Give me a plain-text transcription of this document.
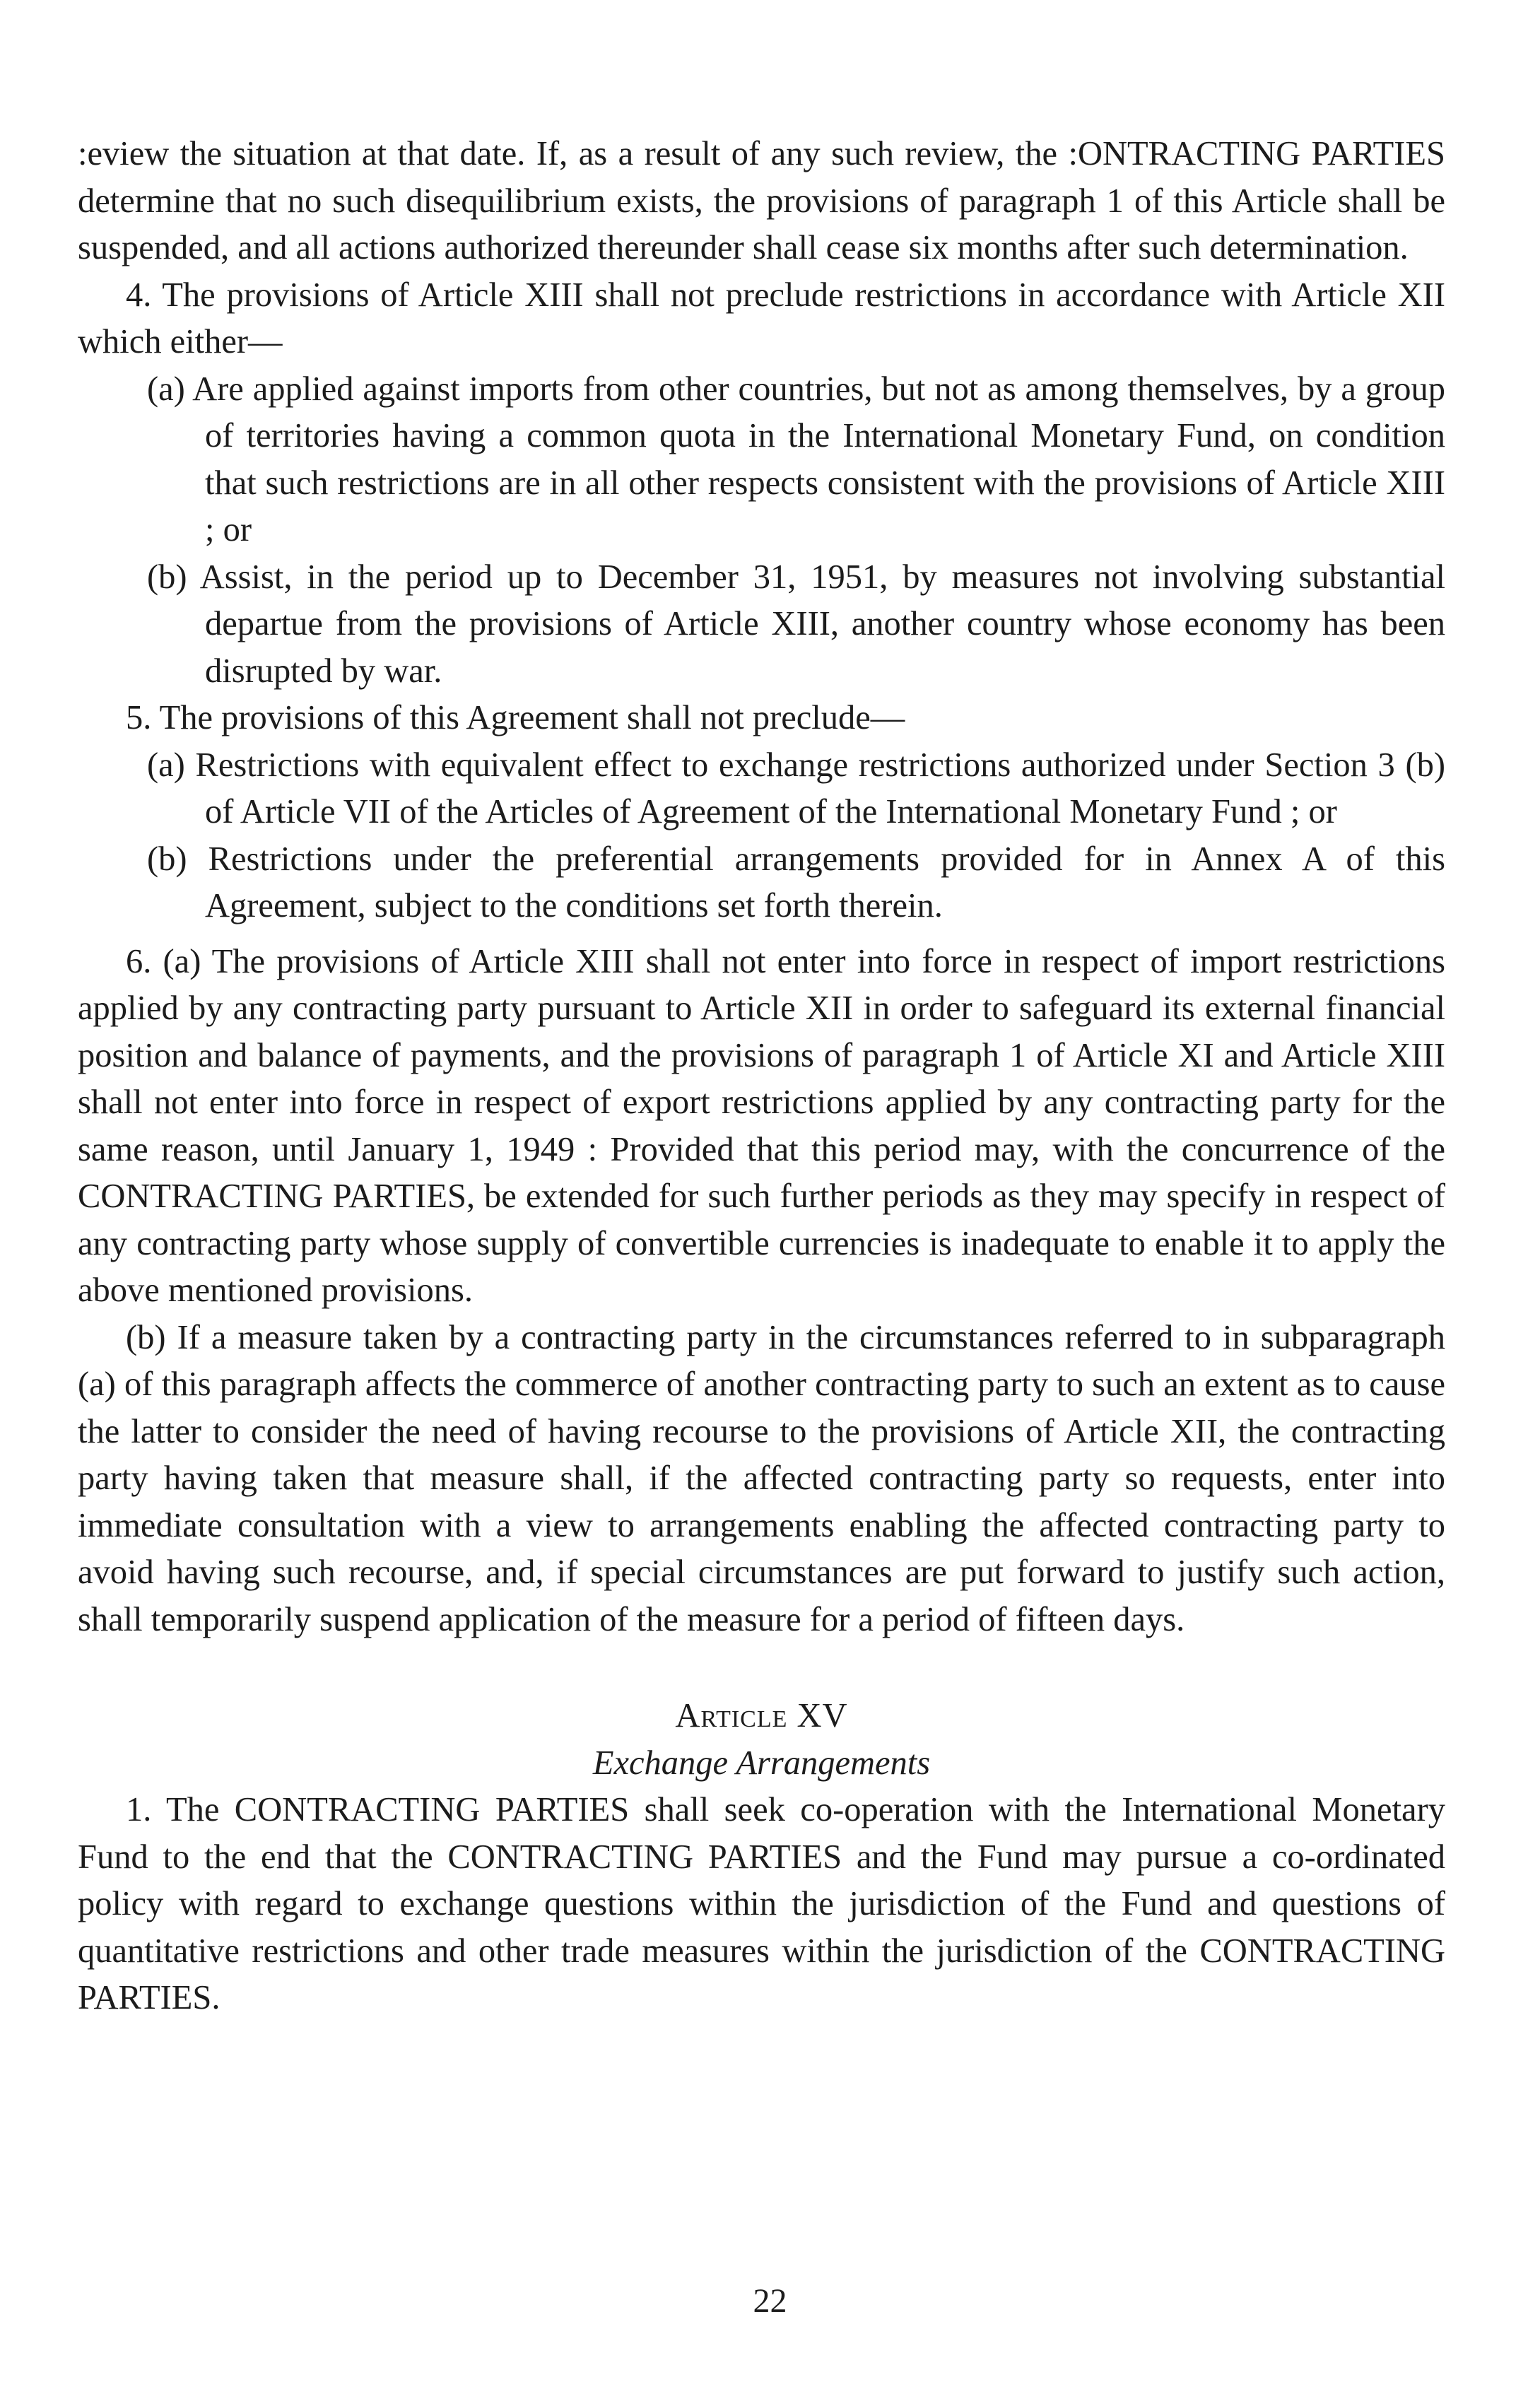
:eview the situation at that date. If, as a result of any such review, the :ONTRACTING PARTIES determine that no such disequilibrium exists, the provisions of paragraph 1 of this Article shall be suspended, and all actions authorized thereunder shall cease six months after such determination.

4. The provisions of Article XIII shall not preclude restrictions in accordance with Article XII which either—

(a) Are applied against imports from other countries, but not as among themselves, by a group of territories having a common quota in the International Monetary Fund, on condition that such restrictions are in all other respects consistent with the provisions of Article XIII ; or

(b) Assist, in the period up to December 31, 1951, by measures not involving substantial departue from the provisions of Article XIII, another country whose economy has been disrupted by war.

5. The provisions of this Agreement shall not preclude—

(a) Restrictions with equivalent effect to exchange restrictions authorized under Section 3 (b) of Article VII of the Articles of Agreement of the International Monetary Fund ; or

(b) Restrictions under the preferential arrangements provided for in Annex A of this Agreement, subject to the conditions set forth therein.

6. (a) The provisions of Article XIII shall not enter into force in respect of import restrictions applied by any contracting party pursuant to Article XII in order to safeguard its external financial position and balance of payments, and the provisions of paragraph 1 of Article XI and Article XIII shall not enter into force in respect of export restrictions applied by any contracting party for the same reason, until January 1, 1949 : Provided that this period may, with the concurrence of the CONTRACTING PARTIES, be extended for such further periods as they may specify in respect of any contracting party whose supply of convertible currencies is inadequate to enable it to apply the above mentioned provisions.

(b) If a measure taken by a contracting party in the circumstances referred to in subparagraph (a) of this paragraph affects the commerce of another contracting party to such an extent as to cause the latter to consider the need of having recourse to the provisions of Article XII, the contracting party having taken that measure shall, if the affected contracting party so requests, enter into immediate consultation with a view to arrangements enabling the affected contracting party to avoid having such recourse, and, if special circumstances are put forward to justify such action, shall temporarily suspend application of the measure for a period of fifteen days.

Article XV

Exchange Arrangements

1. The CONTRACTING PARTIES shall seek co-operation with the International Monetary Fund to the end that the CONTRACTING PARTIES and the Fund may pursue a co-ordinated policy with regard to exchange questions within the jurisdiction of the Fund and questions of quantitative restrictions and other trade measures within the jurisdiction of the CONTRACTING PARTIES.

22
